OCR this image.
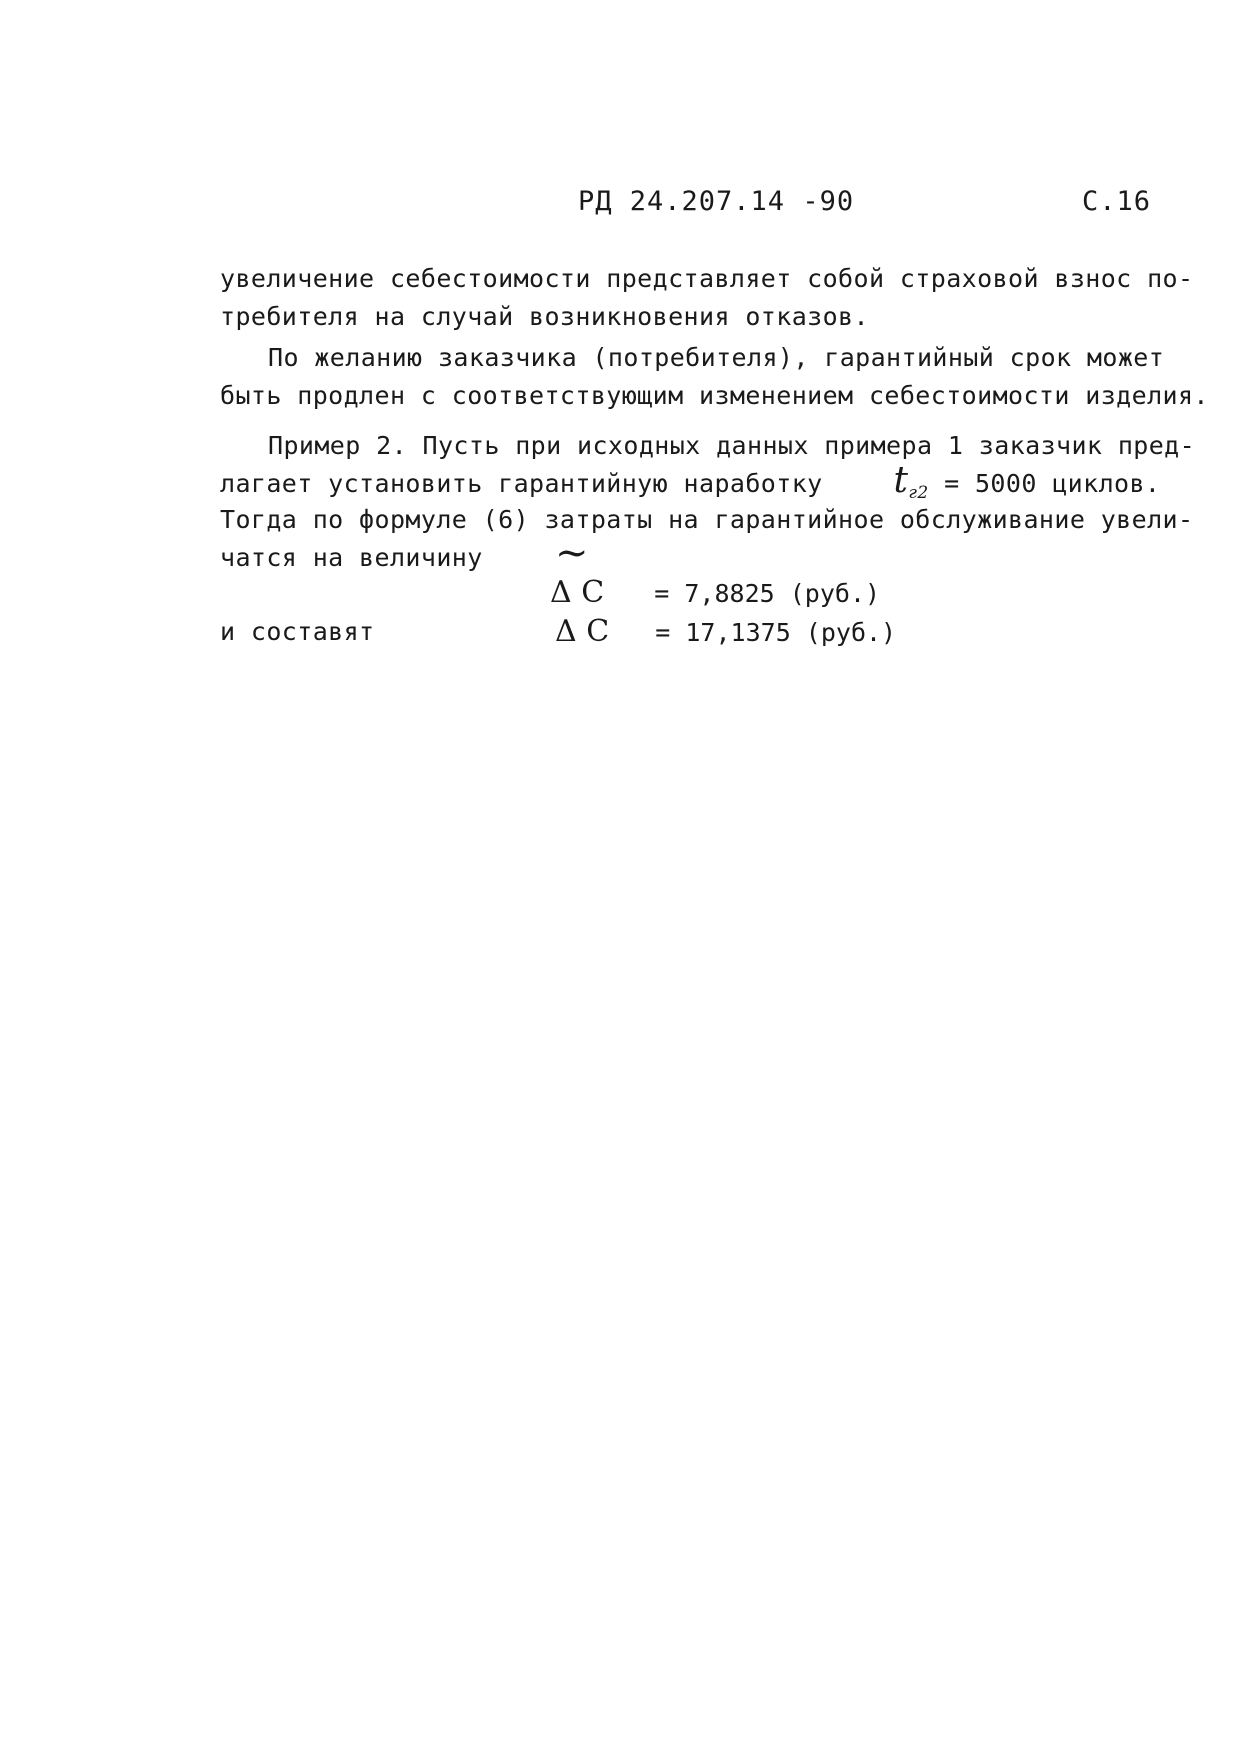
РД 24.207.14 -90	С.16
увеличение себестоимости представляет собой страховой взнос по-
требителя на случай возникновения отказов.
По желанию заказчика (потребителя), гарантийный срок может
быть продлен с соответствующим изменением себестоимости изделия.
Пример 2. Пусть при исходных данных примера 1 заказчик пред-
лагает установить гарантийную наработку $t_{г2} = 5000$ циклов.
Тогда по формуле (6) затраты на гарантийное обслуживание увели-
чатся на величину ~
Δ C = 7,8825 (руб.)
и составят	Δ C = 17,1375 (руб.)
